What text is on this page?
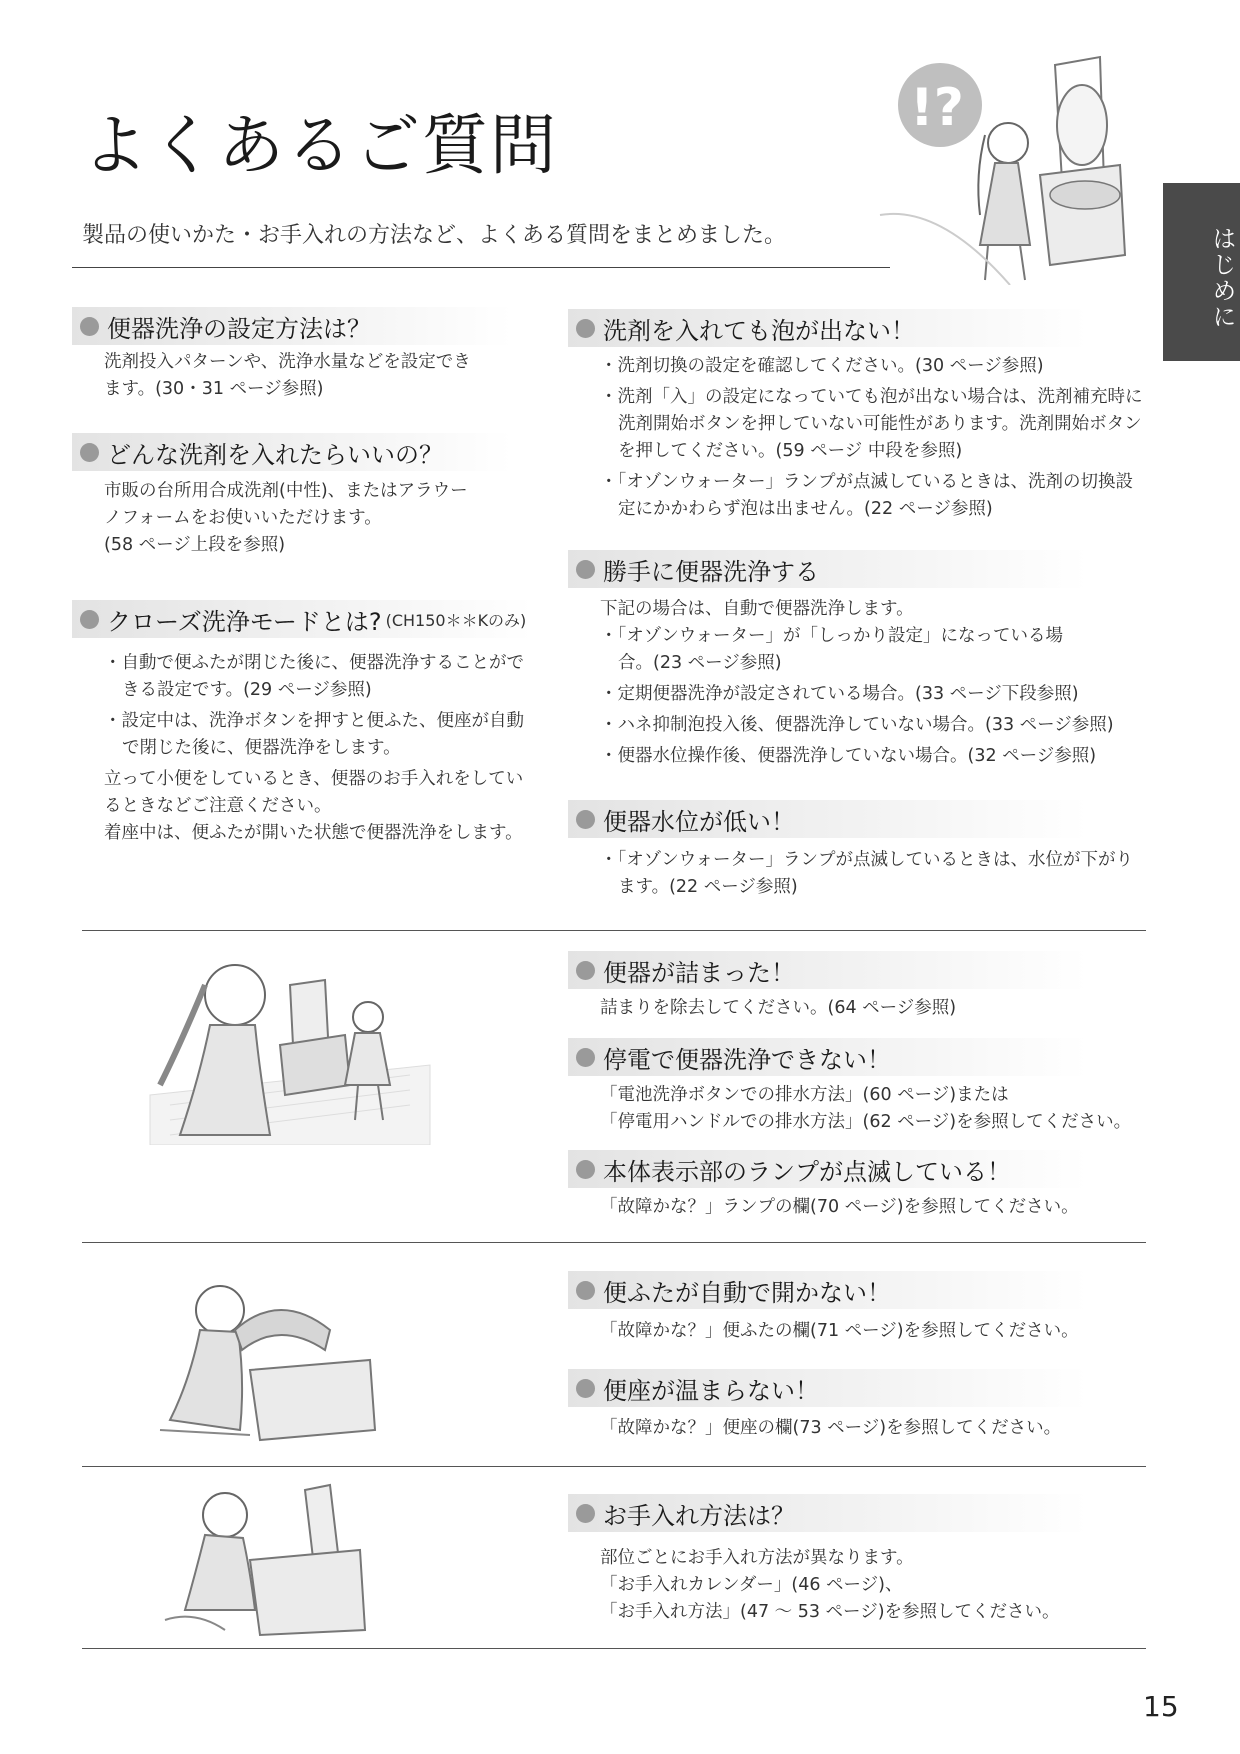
よくあるご質問
製品の使いかた・お手入れの方法など、よくある質問をまとめました。	はじめに
!?
便器洗浄の設定方法は？

洗剤投入パターンや、洗浄水量などを設定でき

ます。(30・31 ページ参照)

どんな洗剤を入れたらいいの？

市販の台所用合成洗剤(中性)、またはアラウー

ノフォームをお使いいただけます。

(58 ページ上段を参照)

クローズ洗浄モードとは? (CH150＊＊Kのみ)

・自動で便ふたが閉じた後に、便器洗浄することができる設定です。(29 ページ参照)

・設定中は、洗浄ボタンを押すと便ふた、便座が自動で閉じた後に、便器洗浄をします。

立って小便をしているとき、便器のお手入れをしているときなどご注意ください。

着座中は、便ふたが開いた状態で便器洗浄をします。

洗剤を入れても泡が出ない！

・洗剤切換の設定を確認してください。(30 ページ参照)

・洗剤「入」の設定になっていても泡が出ない場合は、洗剤補充時に洗剤開始ボタンを押していない可能性があります。洗剤開始ボタンを押してください。(59 ページ 中段を参照)

・「オゾンウォーター」ランプが点滅しているときは、洗剤の切換設定にかかわらず泡は出ません。(22 ページ参照)

勝手に便器洗浄する

下記の場合は、自動で便器洗浄します。

・「オゾンウォーター」が「しっかり設定」になっている場合。(23 ページ参照)

・定期便器洗浄が設定されている場合。(33 ページ下段参照)

・ハネ抑制泡投入後、便器洗浄していない場合。(33 ページ参照)

・便器水位操作後、便器洗浄していない場合。(32 ページ参照)

便器水位が低い！

・「オゾンウォーター」ランプが点滅しているときは、水位が下がります。(22 ページ参照)

便器が詰まった！

詰まりを除去してください。(64 ページ参照)

停電で便器洗浄できない！

「電池洗浄ボタンでの排水方法」(60 ページ)または

「停電用ハンドルでの排水方法」(62 ページ)を参照してください。

本体表示部のランプが点滅している！

「故障かな？」ランプの欄(70 ページ)を参照してください。

便ふたが自動で開かない！

「故障かな？」便ふたの欄(71 ページ)を参照してください。

便座が温まらない！

「故障かな？」便座の欄(73 ページ)を参照してください。

お手入れ方法は？

部位ごとにお手入れ方法が異なります。

「お手入れカレンダー」(46 ページ)、

「お手入れ方法」(47 ～ 53 ページ)を参照してください。

15
